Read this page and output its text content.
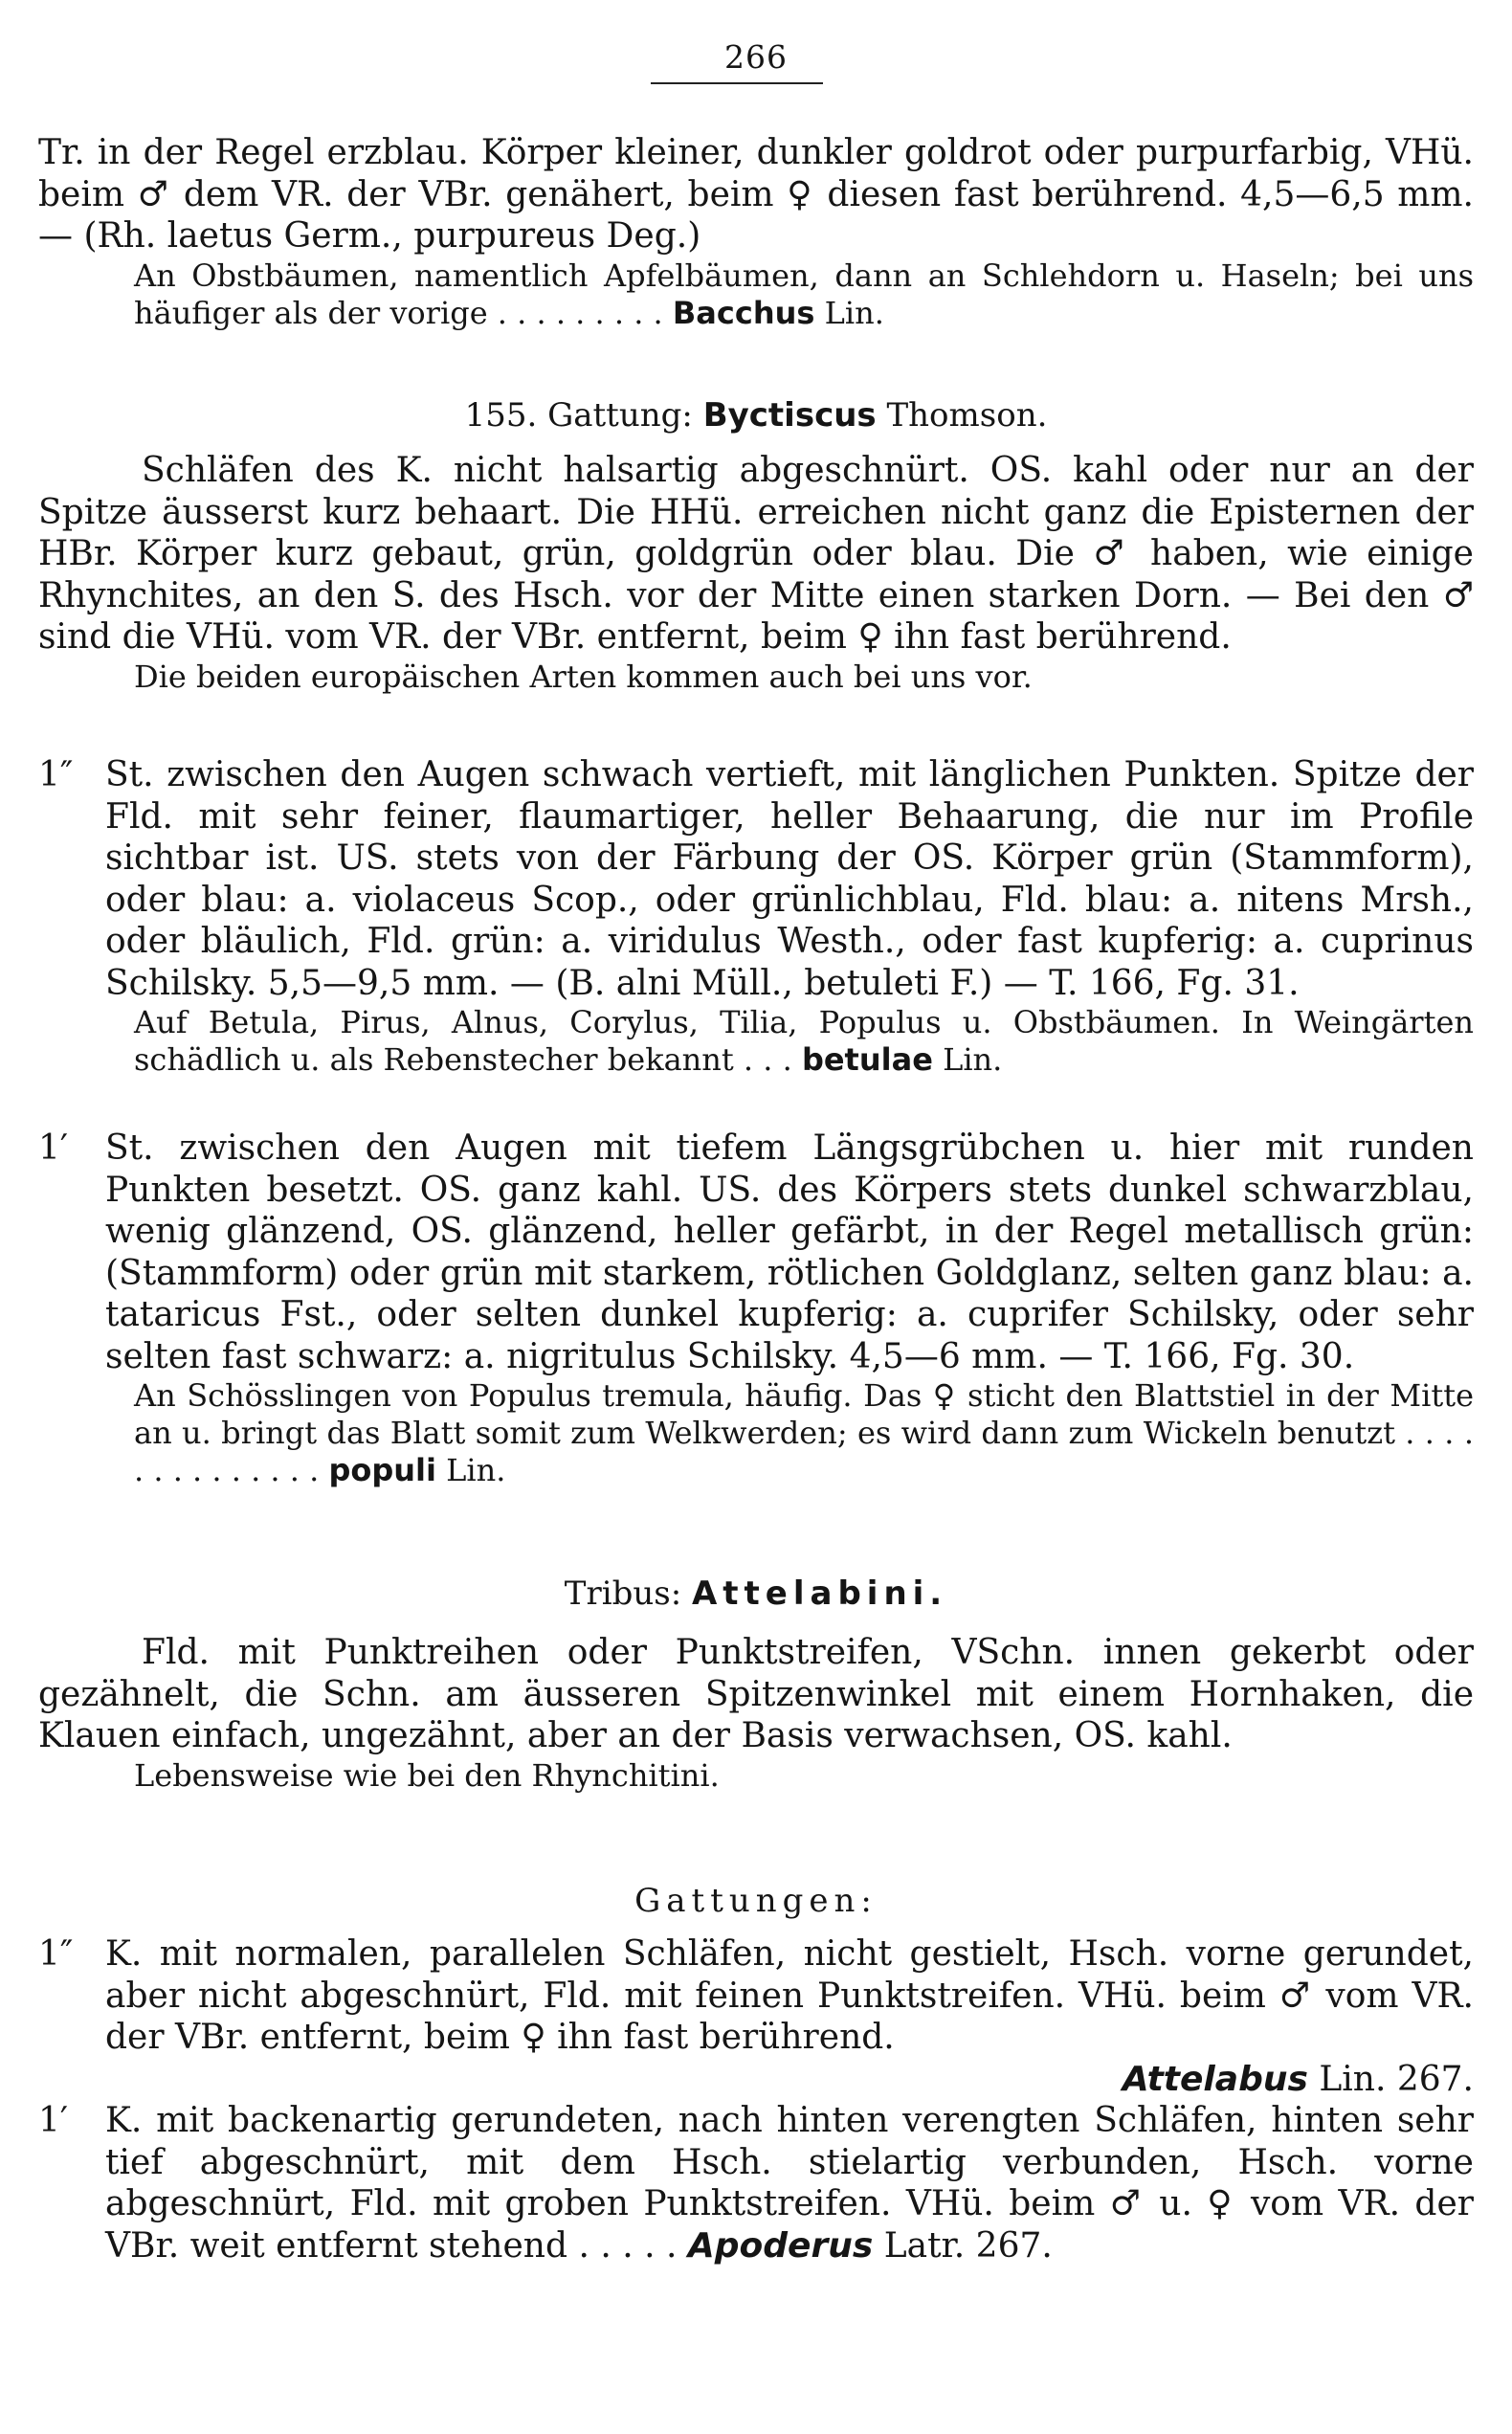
266

Tr. in der Regel erzblau. Körper kleiner, dunkler goldrot oder purpurfarbig, VHü. beim ♂ dem VR. der VBr. genähert, beim ♀ diesen fast berührend. 4,5—6,5 mm. — (Rh. laetus Germ., purpureus Deg.)

An Obstbäumen, namentlich Apfelbäumen, dann an Schlehdorn u. Haseln; bei uns häufiger als der vorige . . . . . . . . . Bacchus Lin.

155. Gattung: Byctiscus Thomson.

Schläfen des K. nicht halsartig abgeschnürt. OS. kahl oder nur an der Spitze äusserst kurz behaart. Die HHü. erreichen nicht ganz die Episternen der HBr. Körper kurz gebaut, grün, goldgrün oder blau. Die ♂ haben, wie einige Rhynchites, an den S. des Hsch. vor der Mitte einen starken Dorn. — Bei den ♂ sind die VHü. vom VR. der VBr. entfernt, beim ♀ ihn fast berührend.

Die beiden europäischen Arten kommen auch bei uns vor.

1″ St. zwischen den Augen schwach vertieft, mit länglichen Punkten. Spitze der Fld. mit sehr feiner, flaumartiger, heller Behaarung, die nur im Profile sichtbar ist. US. stets von der Färbung der OS. Körper grün (Stammform), oder blau: a. violaceus Scop., oder grünlichblau, Fld. blau: a. nitens Mrsh., oder bläulich, Fld. grün: a. viridulus Westh., oder fast kupferig: a. cuprinus Schilsky. 5,5—9,5 mm. — (B. alni Müll., betuleti F.) — T. 166, Fg. 31.

Auf Betula, Pirus, Alnus, Corylus, Tilia, Populus u. Obstbäumen. In Weingärten schädlich u. als Rebenstecher bekannt . . . betulae Lin.

1′ St. zwischen den Augen mit tiefem Längsgrübchen u. hier mit runden Punkten besetzt. OS. ganz kahl. US. des Körpers stets dunkel schwarzblau, wenig glänzend, OS. glänzend, heller gefärbt, in der Regel metallisch grün: (Stammform) oder grün mit starkem, rötlichen Goldglanz, selten ganz blau: a. tataricus Fst., oder selten dunkel kupferig: a. cuprifer Schilsky, oder sehr selten fast schwarz: a. nigritulus Schilsky. 4,5—6 mm. — T. 166, Fg. 30.

An Schösslingen von Populus tremula, häufig. Das ♀ sticht den Blattstiel in der Mitte an u. bringt das Blatt somit zum Welkwerden; es wird dann zum Wickeln benutzt . . . . . . . . . . . . . . populi Lin.

Tribus: Attelabini.

Fld. mit Punktreihen oder Punktstreifen, VSchn. innen gekerbt oder gezähnelt, die Schn. am äusseren Spitzenwinkel mit einem Hornhaken, die Klauen einfach, ungezähnt, aber an der Basis verwachsen, OS. kahl.

Lebensweise wie bei den Rhynchitini.

Gattungen:

1″ K. mit normalen, parallelen Schläfen, nicht gestielt, Hsch. vorne gerundet, aber nicht abgeschnürt, Fld. mit feinen Punktstreifen. VHü. beim ♂ vom VR. der VBr. entfernt, beim ♀ ihn fast berührend.

Attelabus Lin. 267.

1′ K. mit backenartig gerundeten, nach hinten verengten Schläfen, hinten sehr tief abgeschnürt, mit dem Hsch. stielartig verbunden, Hsch. vorne abgeschnürt, Fld. mit groben Punktstreifen. VHü. beim ♂ u. ♀ vom VR. der VBr. weit entfernt stehend . . . . . Apoderus Latr. 267.
